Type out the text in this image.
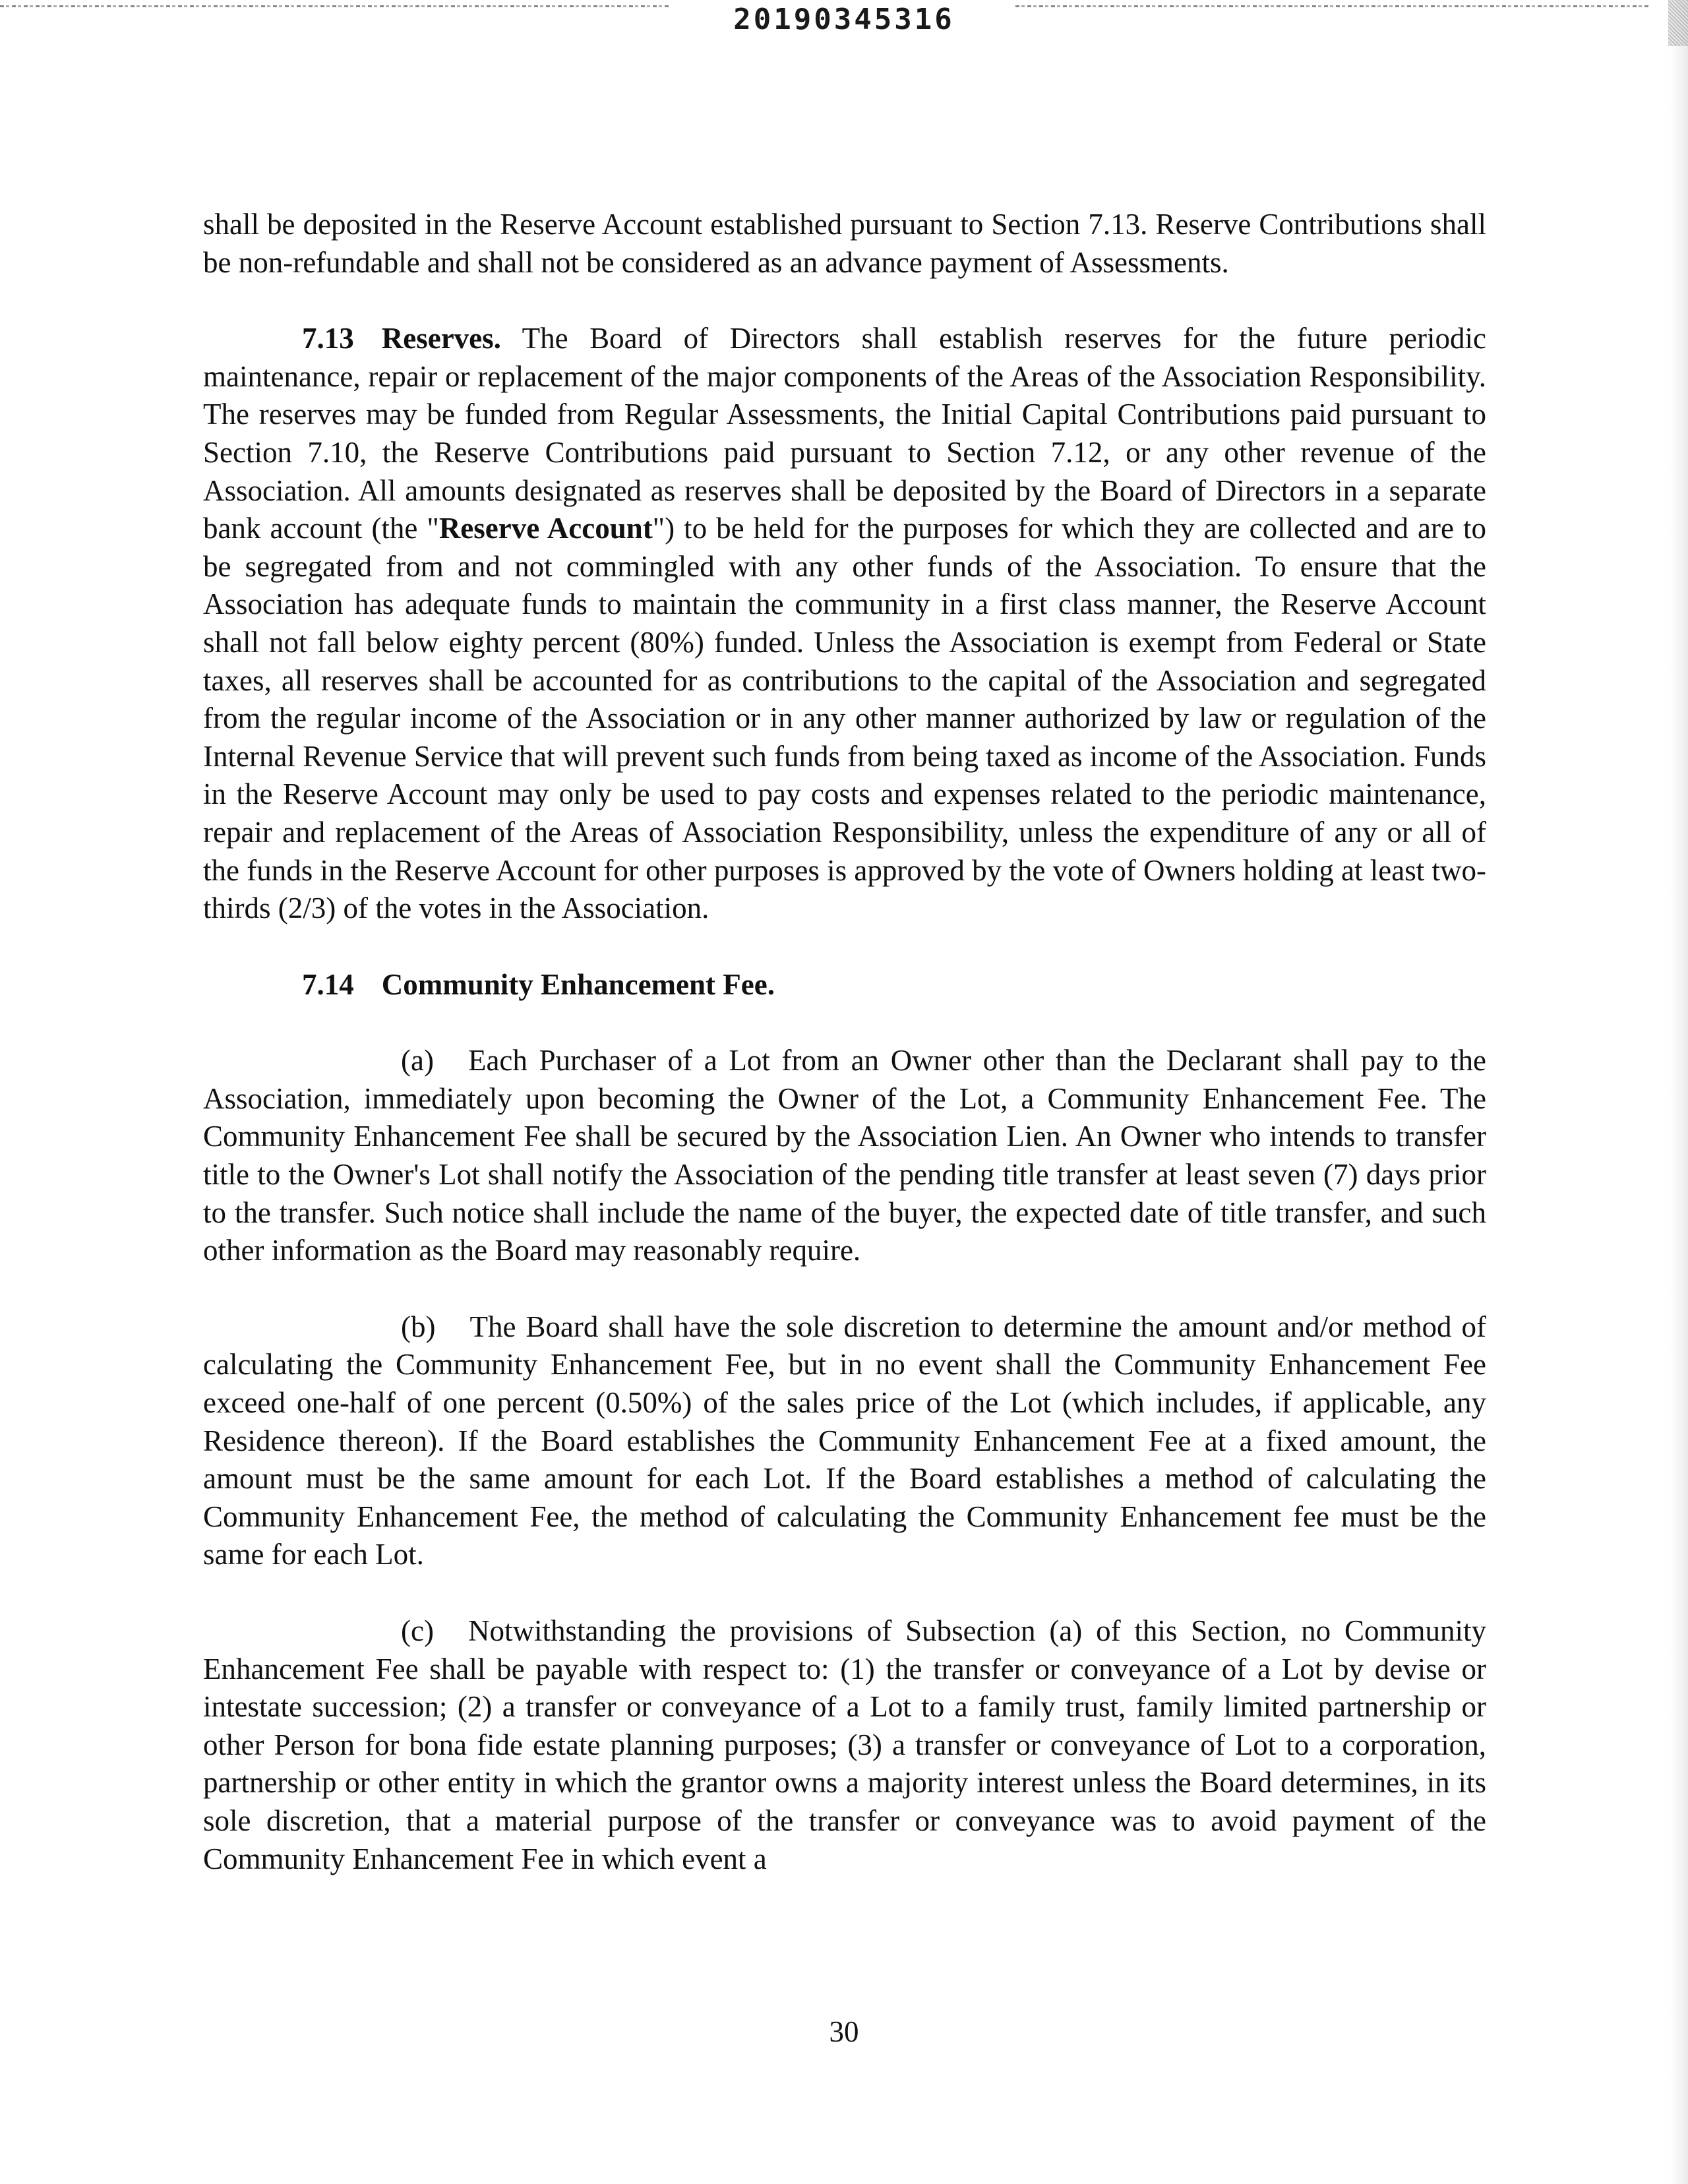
20190345316

shall be deposited in the Reserve Account established pursuant to Section 7.13. Reserve Contributions shall be non-refundable and shall not be considered as an advance payment of Assessments.

7.13 Reserves. The Board of Directors shall establish reserves for the future periodic maintenance, repair or replacement of the major components of the Areas of the Association Responsibility. The reserves may be funded from Regular Assessments, the Initial Capital Contributions paid pursuant to Section 7.10, the Reserve Contributions paid pursuant to Section 7.12, or any other revenue of the Association. All amounts designated as reserves shall be deposited by the Board of Directors in a separate bank account (the "Reserve Account") to be held for the purposes for which they are collected and are to be segregated from and not commingled with any other funds of the Association. To ensure that the Association has adequate funds to maintain the community in a first class manner, the Reserve Account shall not fall below eighty percent (80%) funded. Unless the Association is exempt from Federal or State taxes, all reserves shall be accounted for as contributions to the capital of the Association and segregated from the regular income of the Association or in any other manner authorized by law or regulation of the Internal Revenue Service that will prevent such funds from being taxed as income of the Association. Funds in the Reserve Account may only be used to pay costs and expenses related to the periodic maintenance, repair and replacement of the Areas of Association Responsibility, unless the expenditure of any or all of the funds in the Reserve Account for other purposes is approved by the vote of Owners holding at least two-thirds (2/3) of the votes in the Association.

7.14 Community Enhancement Fee.

(a) Each Purchaser of a Lot from an Owner other than the Declarant shall pay to the Association, immediately upon becoming the Owner of the Lot, a Community Enhancement Fee. The Community Enhancement Fee shall be secured by the Association Lien. An Owner who intends to transfer title to the Owner's Lot shall notify the Association of the pending title transfer at least seven (7) days prior to the transfer. Such notice shall include the name of the buyer, the expected date of title transfer, and such other information as the Board may reasonably require.

(b) The Board shall have the sole discretion to determine the amount and/or method of calculating the Community Enhancement Fee, but in no event shall the Community Enhancement Fee exceed one-half of one percent (0.50%) of the sales price of the Lot (which includes, if applicable, any Residence thereon). If the Board establishes the Community Enhancement Fee at a fixed amount, the amount must be the same amount for each Lot. If the Board establishes a method of calculating the Community Enhancement Fee, the method of calculating the Community Enhancement fee must be the same for each Lot.

(c) Notwithstanding the provisions of Subsection (a) of this Section, no Community Enhancement Fee shall be payable with respect to: (1) the transfer or conveyance of a Lot by devise or intestate succession; (2) a transfer or conveyance of a Lot to a family trust, family limited partnership or other Person for bona fide estate planning purposes; (3) a transfer or conveyance of Lot to a corporation, partnership or other entity in which the grantor owns a majority interest unless the Board determines, in its sole discretion, that a material purpose of the transfer or conveyance was to avoid payment of the Community Enhancement Fee in which event a

30
